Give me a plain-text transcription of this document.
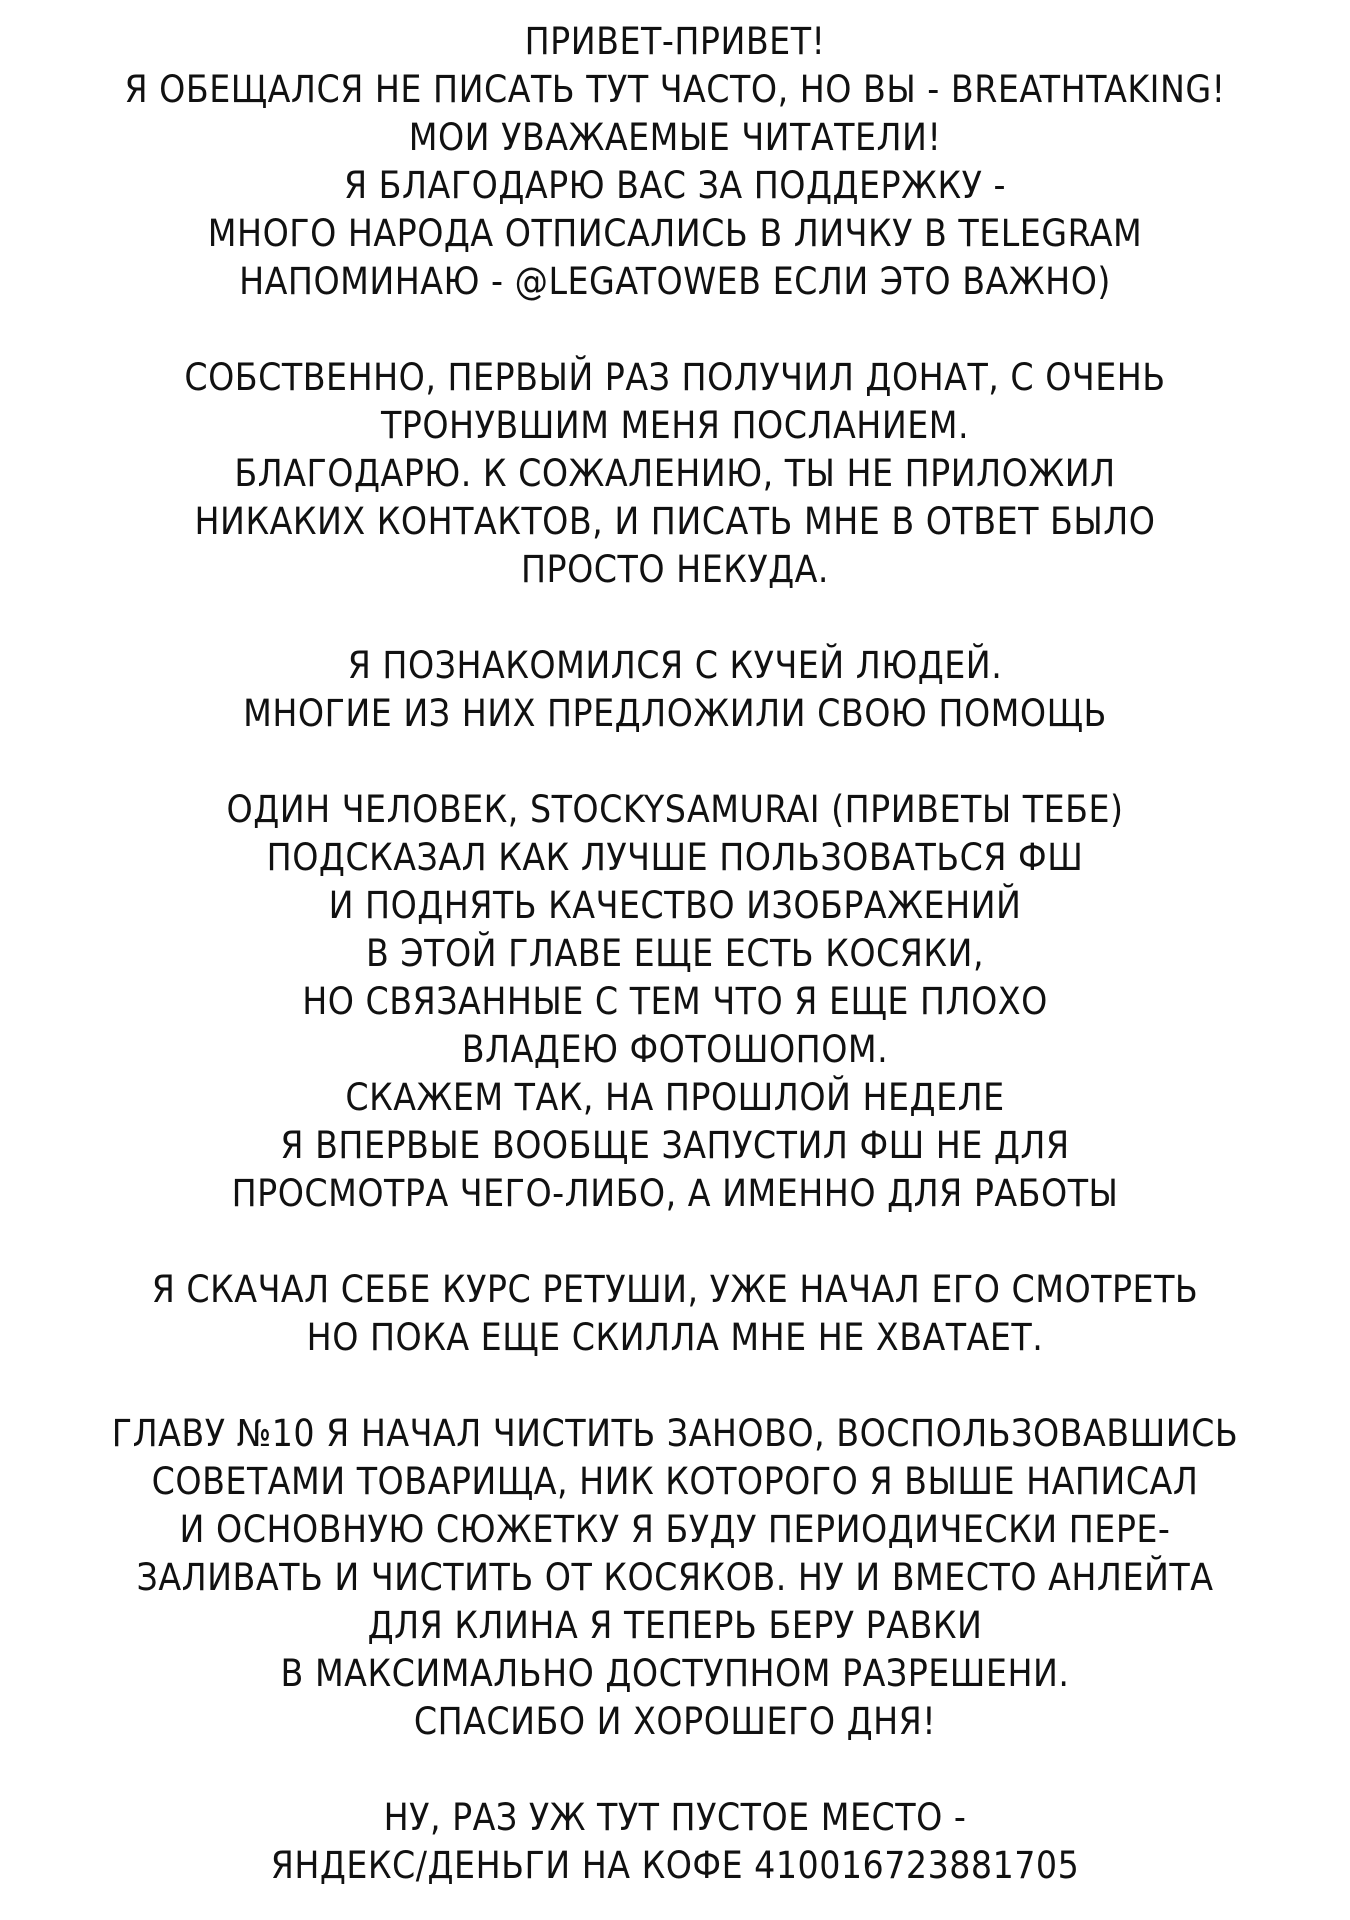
ПРИВЕТ-ПРИВЕТ!
Я ОБЕЩАЛСЯ НЕ ПИСАТЬ ТУТ ЧАСТО, НО ВЫ - BREATHTAKING!
МОИ УВАЖАЕМЫЕ ЧИТАТЕЛИ!
Я БЛАГОДАРЮ ВАС ЗА ПОДДЕРЖКУ -
МНОГО НАРОДА ОТПИСАЛИСЬ В ЛИЧКУ В TELEGRAM
НАПОМИНАЮ - @LEGATOWEB ЕСЛИ ЭТО ВАЖНО)

СОБСТВЕННО, ПЕРВЫЙ РАЗ ПОЛУЧИЛ ДОНАТ, С ОЧЕНЬ
ТРОНУВШИМ МЕНЯ ПОСЛАНИЕМ.
БЛАГОДАРЮ. К СОЖАЛЕНИЮ, ТЫ НЕ ПРИЛОЖИЛ
НИКАКИХ КОНТАКТОВ, И ПИСАТЬ МНЕ В ОТВЕТ БЫЛО
ПРОСТО НЕКУДА.

Я ПОЗНАКОМИЛСЯ С КУЧЕЙ ЛЮДЕЙ.
МНОГИЕ ИЗ НИХ ПРЕДЛОЖИЛИ СВОЮ ПОМОЩЬ

ОДИН ЧЕЛОВЕК, STOCKYSAMURAI (ПРИВЕТЫ ТЕБЕ)
ПОДСКАЗАЛ КАК ЛУЧШЕ ПОЛЬЗОВАТЬСЯ ФШ
И ПОДНЯТЬ КАЧЕСТВО ИЗОБРАЖЕНИЙ
В ЭТОЙ ГЛАВЕ ЕЩЕ ЕСТЬ КОСЯКИ,
НО СВЯЗАННЫЕ С ТЕМ ЧТО Я ЕЩЕ ПЛОХО
ВЛАДЕЮ ФОТОШОПОМ.
СКАЖЕМ ТАК, НА ПРОШЛОЙ НЕДЕЛЕ
Я ВПЕРВЫЕ ВООБЩЕ ЗАПУСТИЛ ФШ НЕ ДЛЯ
ПРОСМОТРА ЧЕГО-ЛИБО, А ИМЕННО ДЛЯ РАБОТЫ

Я СКАЧАЛ СЕБЕ КУРС РЕТУШИ, УЖЕ НАЧАЛ ЕГО СМОТРЕТЬ
НО ПОКА ЕЩЕ СКИЛЛА МНЕ НЕ ХВАТАЕТ.

ГЛАВУ №10 Я НАЧАЛ ЧИСТИТЬ ЗАНОВО, ВОСПОЛЬЗОВАВШИСЬ
СОВЕТАМИ ТОВАРИЩА, НИК КОТОРОГО Я ВЫШЕ НАПИСАЛ
И ОСНОВНУЮ СЮЖЕТКУ Я БУДУ ПЕРИОДИЧЕСКИ ПЕРЕ-
ЗАЛИВАТЬ И ЧИСТИТЬ ОТ КОСЯКОВ. НУ И ВМЕСТО АНЛЕЙТА
ДЛЯ КЛИНА Я ТЕПЕРЬ БЕРУ РАВКИ
В МАКСИМАЛЬНО ДОСТУПНОМ РАЗРЕШЕНИ.
СПАСИБО И ХОРОШЕГО ДНЯ!

НУ, РАЗ УЖ ТУТ ПУСТОЕ МЕСТО -
ЯНДЕКС/ДЕНЬГИ НА КОФЕ 410016723881705
